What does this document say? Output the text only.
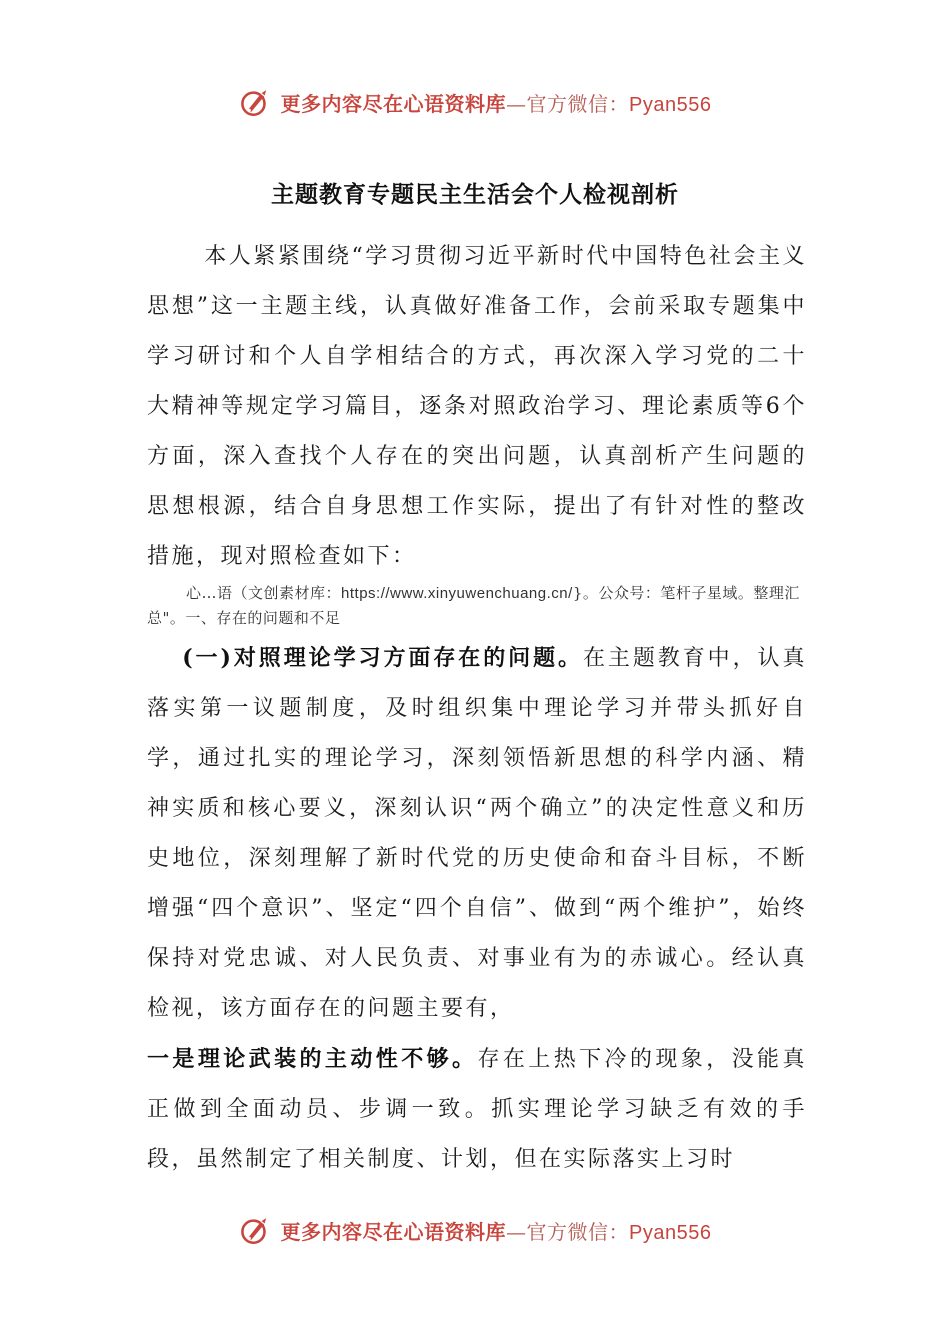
更多内容尽在心语资料库—官方微信：Pyan556
主题教育专题民主生活会个人检视剖析

本人紧紧围绕“学习贯彻习近平新时代中国特色社会主义思想”这一主题主线，认真做好准备工作，会前采取专题集中学习研讨和个人自学相结合的方式，再次深入学习党的二十大精神等规定学习篇目，逐条对照政治学习、理论素质等6个方面，深入查找个人存在的突出问题，认真剖析产生问题的思想根源，结合自身思想工作实际，提出了有针对性的整改措施，现对照检查如下：

心…语（文创素材库：https://www.xinyuwenchuang.cn/}。公众号：笔杆子星域。整理汇总"。一、存在的问题和不足

(一)对照理论学习方面存在的问题。在主题教育中，认真落实第一议题制度，及时组织集中理论学习并带头抓好自学，通过扎实的理论学习，深刻领悟新思想的科学内涵、精神实质和核心要义，深刻认识“两个确立”的决定性意义和历史地位，深刻理解了新时代党的历史使命和奋斗目标，不断增强“四个意识”、坚定“四个自信”、做到“两个维护”，始终保持对党忠诚、对人民负责、对事业有为的赤诚心。经认真检视，该方面存在的问题主要有，

一是理论武装的主动性不够。存在上热下冷的现象，没能真正做到全面动员、步调一致。抓实理论学习缺乏有效的手段，虽然制定了相关制度、计划，但在实际落实上习时

更多内容尽在心语资料库—官方微信：Pyan556
